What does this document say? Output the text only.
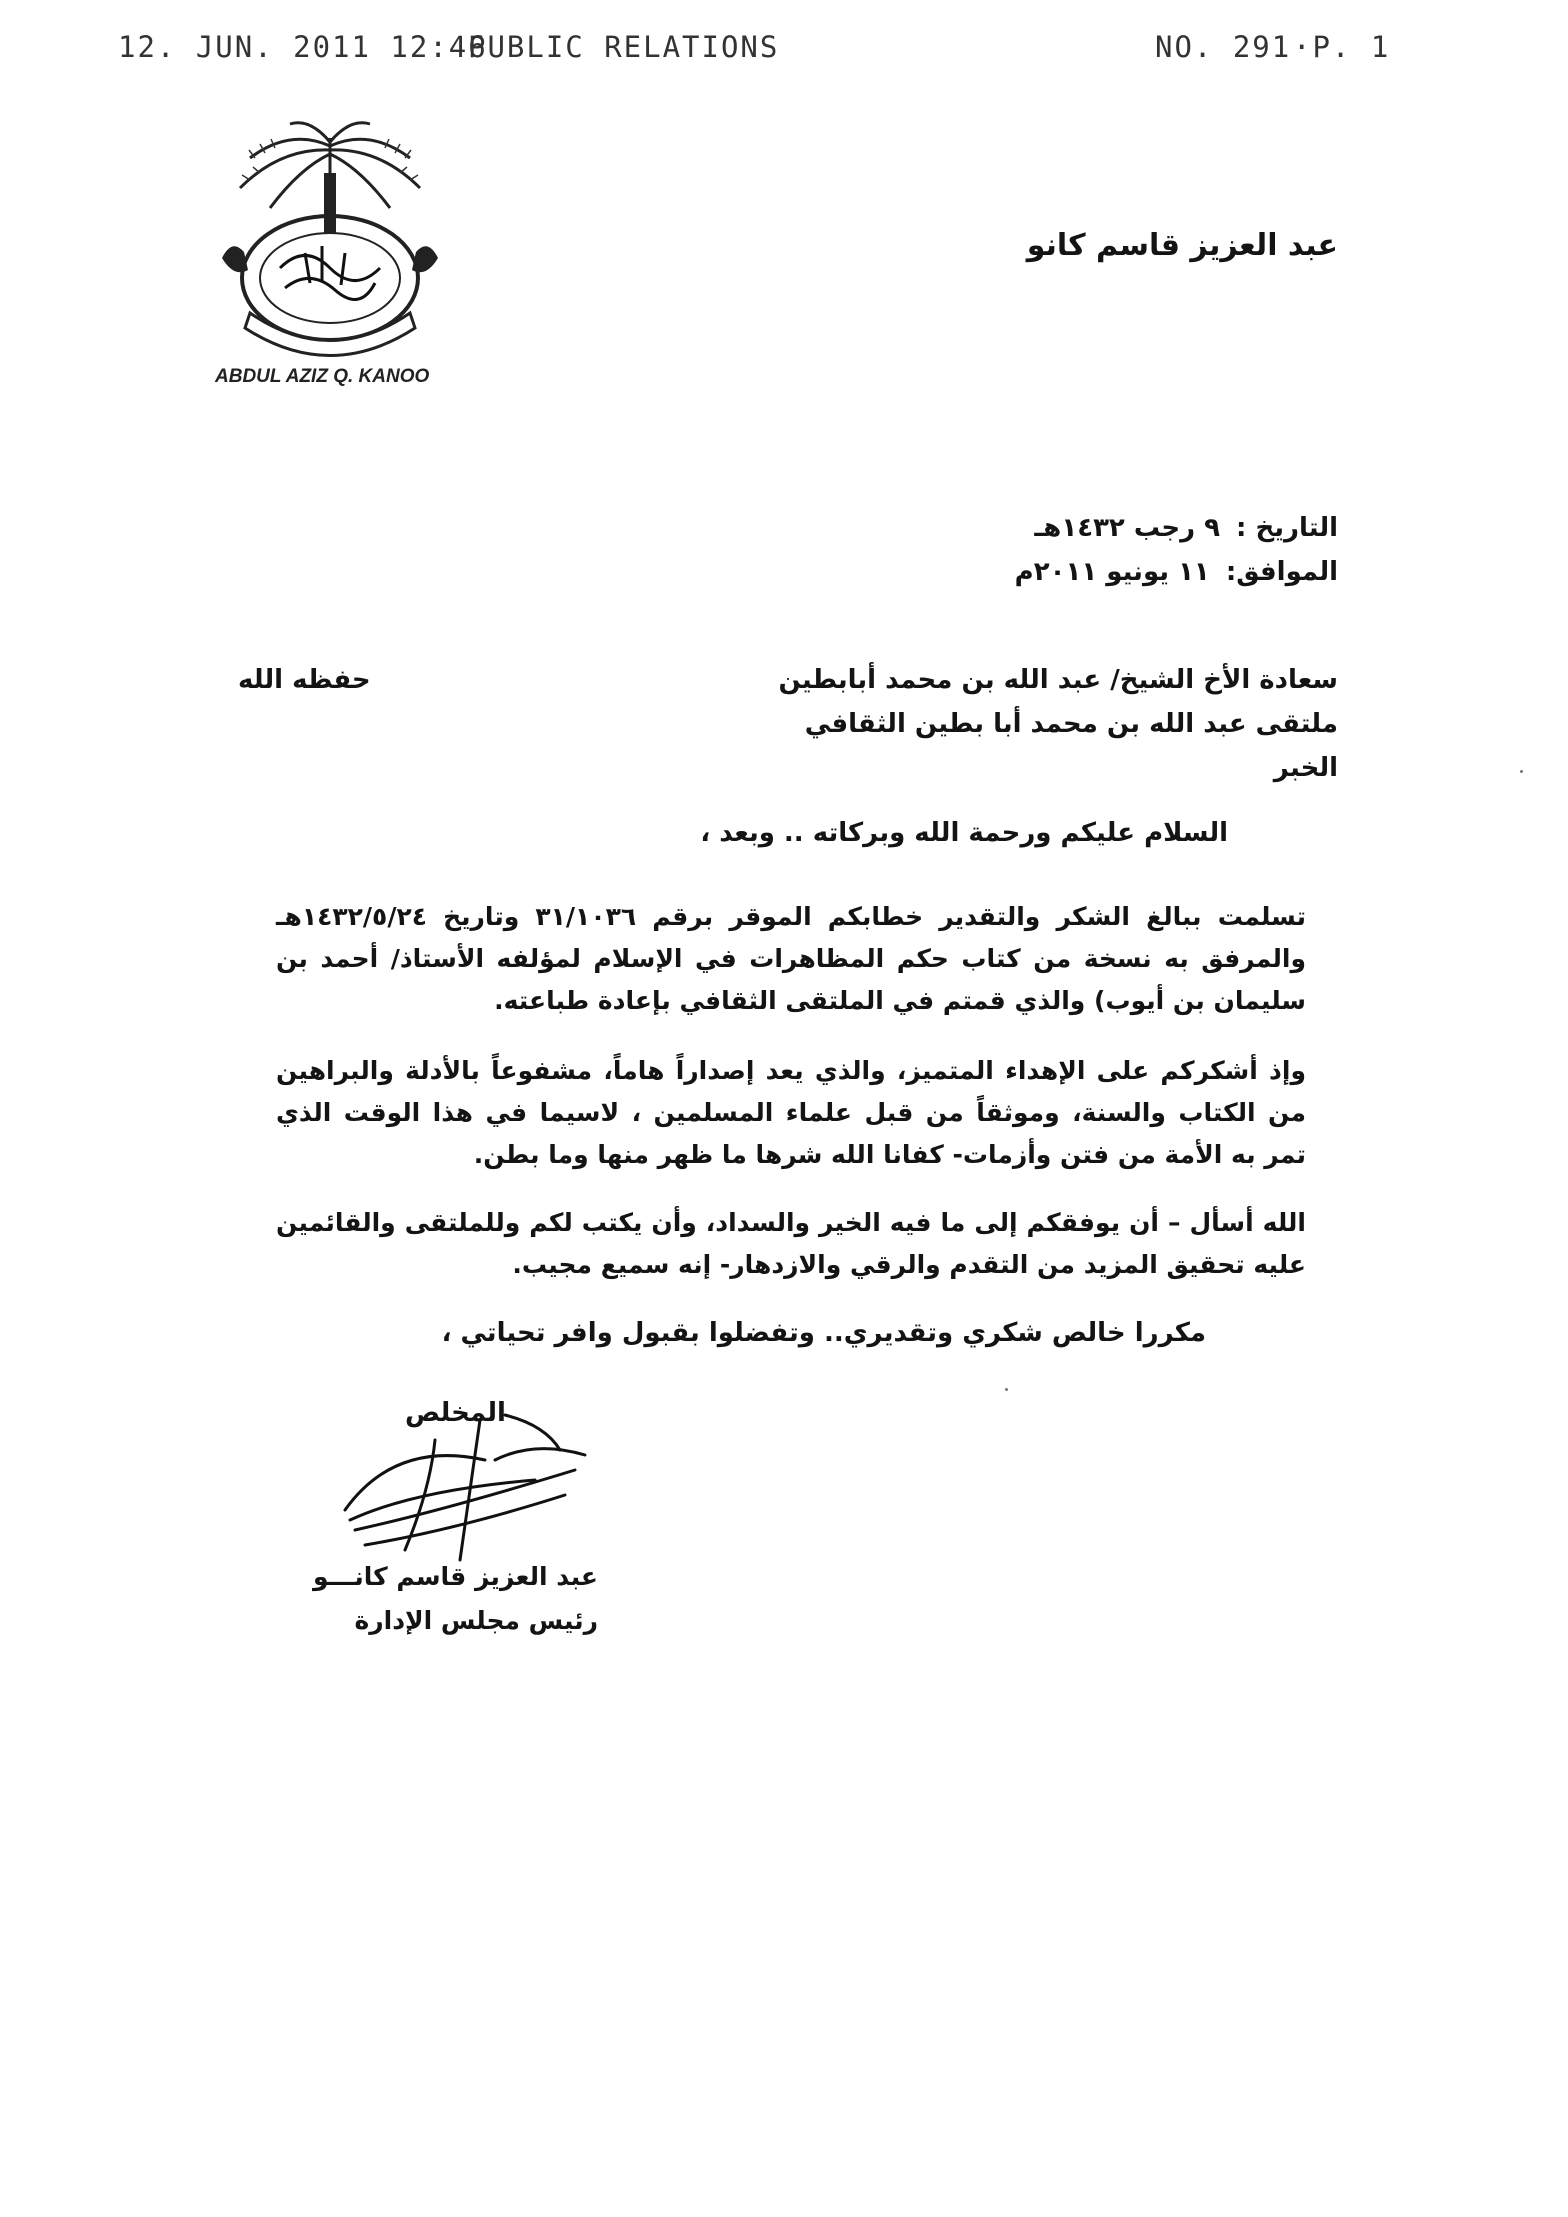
12. JUN. 2011 12:46
PUBLIC RELATIONS	NO. 291 ·P. 1
ABDUL AZIZ Q. KANOO
عبد العزيز قاسم كانو
التاريخ :
٩ رجب ١٤٣٢هـ
الموافق:
١١ يونيو ٢٠١١م
سعادة الأخ الشيخ/ عبد الله بن محمد أبابطين
حفظه الله
ملتقى عبد الله بن محمد أبا بطين الثقافي
الخبر
السلام عليكم ورحمة الله وبركاته .. وبعد ،
تسلمت ببالغ الشكر والتقدير خطابكم الموقر برقم ٣١/١٠٣٦ وتاريخ ١٤٣٢/٥/٢٤هـ والمرفق به نسخة من كتاب حكم المظاهرات في الإسلام لمؤلفه الأستاذ/ أحمد بن سليمان بن أيوب) والذي قمتم في الملتقى الثقافي بإعادة طباعته.
وإذ أشكركم على الإهداء المتميز، والذي يعد إصداراً هاماً، مشفوعاً بالأدلة والبراهين من الكتاب والسنة، وموثقاً من قبل علماء المسلمين ، لاسيما في هذا الوقت الذي تمر به الأمة من فتن وأزمات- كفانا الله شرها ما ظهر منها وما بطن.
الله أسأل – أن يوفقكم إلى ما فيه الخير والسداد، وأن يكتب لكم وللملتقى والقائمين عليه تحقيق المزيد من التقدم والرقي والازدهار- إنه سميع مجيب.
مكررا خالص شكري وتقديري.. وتفضلوا بقبول وافر تحياتي ،
المخلص
عبد العزيز قاسم كانـــو
رئيس مجلس الإدارة
